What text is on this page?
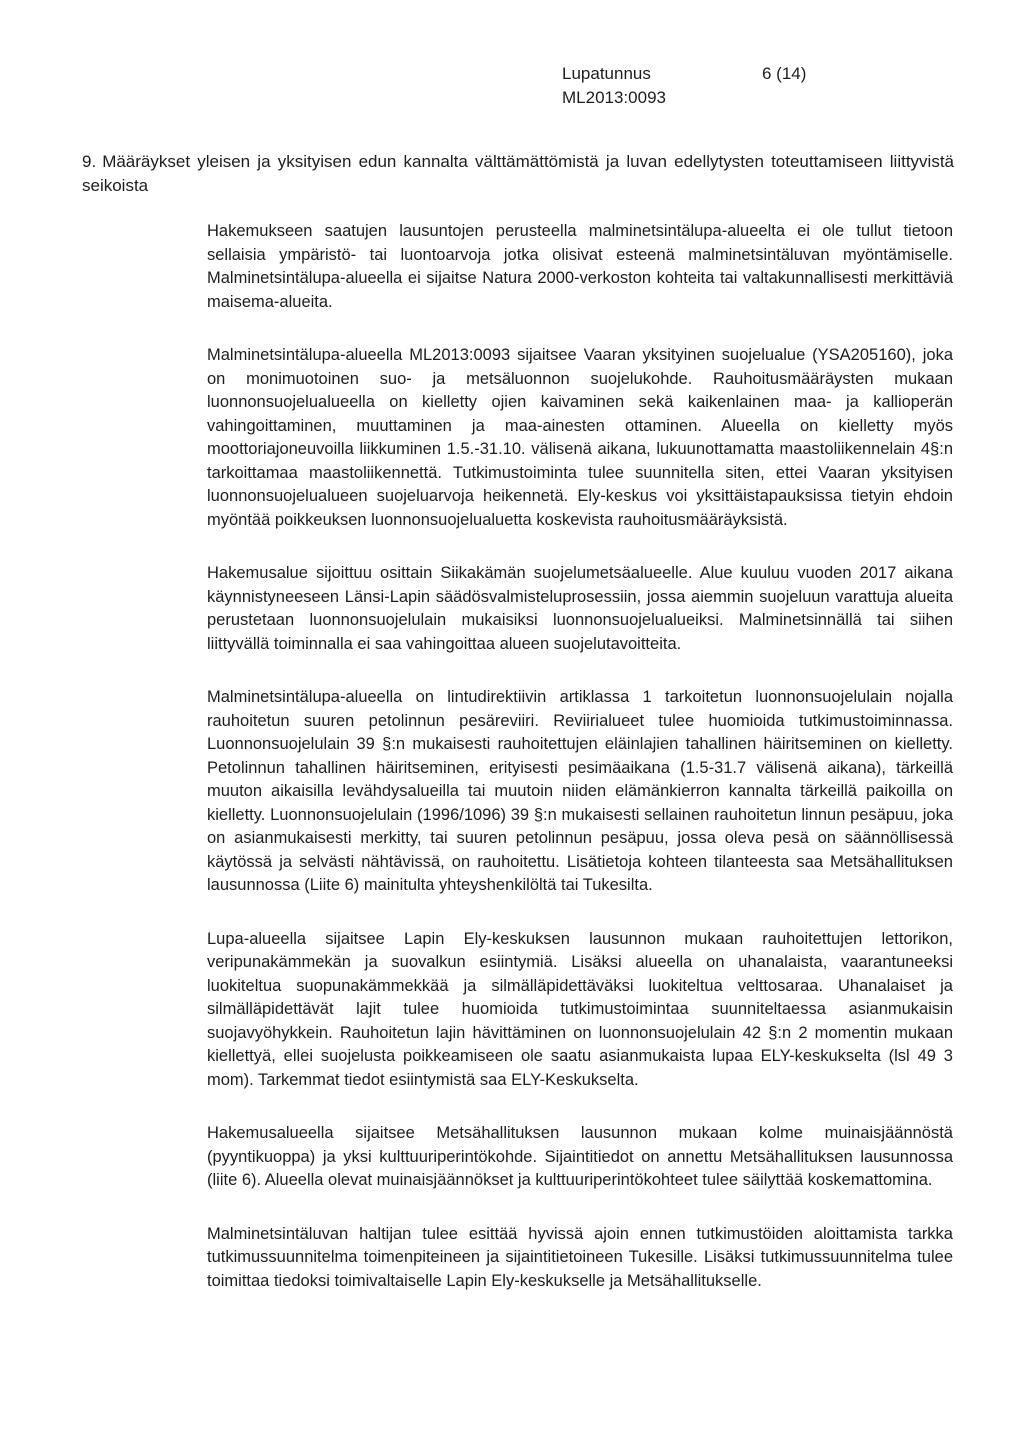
Lupatunnus	6 (14)
ML2013:0093
9. Määräykset yleisen ja yksityisen edun kannalta välttämättömistä ja luvan edellytysten toteuttamiseen liittyvistä seikoista

Hakemukseen saatujen lausuntojen perusteella malminetsintälupa-alueelta ei ole tullut tietoon sellaisia ympäristö- tai luontoarvoja jotka olisivat esteenä malminetsintäluvan myöntämiselle. Malminetsintälupa-alueella ei sijaitse Natura 2000-verkoston kohteita tai valtakunnallisesti merkittäviä maisema-alueita.

Malminetsintälupa-alueella ML2013:0093 sijaitsee Vaaran yksityinen suojelualue (YSA205160), joka on monimuotoinen suo- ja metsäluonnon suojelukohde. Rauhoitusmääräysten mukaan luonnonsuojelualueella on kielletty ojien kaivaminen sekä kaikenlainen maa- ja kallioperän vahingoittaminen, muuttaminen ja maa-ainesten ottaminen. Alueella on kielletty myös moottoriajoneuvoilla liikkuminen 1.5.-31.10. välisenä aikana, lukuunottamatta maastoliikennelain 4§:n tarkoittamaa maastoliikennettä. Tutkimustoiminta tulee suunnitella siten, ettei Vaaran yksityisen luonnonsuojelualueen suojeluarvoja heikennetä. Ely-keskus voi yksittäistapauksissa tietyin ehdoin myöntää poikkeuksen luonnonsuojelualuetta koskevista rauhoitusmääräyksistä.

Hakemusalue sijoittuu osittain Siikakämän suojelumetsäalueelle. Alue kuuluu vuoden 2017 aikana käynnistyneeseen Länsi-Lapin säädösvalmisteluprosessiin, jossa aiemmin suojeluun varattuja alueita perustetaan luonnonsuojelulain mukaisiksi luonnonsuojelualueiksi. Malminetsinnällä tai siihen liittyvällä toiminnalla ei saa vahingoittaa alueen suojelutavoitteita.

Malminetsintälupa-alueella on lintudirektiivin artiklassa 1 tarkoitetun luonnonsuojelulain nojalla rauhoitetun suuren petolinnun pesäreviiri. Reviirialueet tulee huomioida tutkimustoiminnassa. Luonnonsuojelulain 39 §:n mukaisesti rauhoitettujen eläinlajien tahallinen häiritseminen on kielletty. Petolinnun tahallinen häiritseminen, erityisesti pesimäaikana (1.5-31.7 välisenä aikana), tärkeillä muuton aikaisilla levähdysalueilla tai muutoin niiden elämänkierron kannalta tärkeillä paikoilla on kielletty. Luonnonsuojelulain (1996/1096) 39 §:n mukaisesti sellainen rauhoitetun linnun pesäpuu, joka on asianmukaisesti merkitty, tai suuren petolinnun pesäpuu, jossa oleva pesä on säännöllisessä käytössä ja selvästi nähtävissä, on rauhoitettu. Lisätietoja kohteen tilanteesta saa Metsähallituksen lausunnossa (Liite 6) mainitulta yhteyshenkilöltä tai Tukesilta.

Lupa-alueella sijaitsee Lapin Ely-keskuksen lausunnon mukaan rauhoitettujen lettorikon, veripunakämmekän ja suovalkun esiintymiä. Lisäksi alueella on uhanalaista, vaarantuneeksi luokiteltua suopunakämmekkää ja silmälläpidettäväksi luokiteltua velttosaraa. Uhanalaiset ja silmälläpidettävät lajit tulee huomioida tutkimustoimintaa suunniteltaessa asianmukaisin suojavyöhykkein. Rauhoitetun lajin hävittäminen on luonnonsuojelulain 42 §:n 2 momentin mukaan kiellettyä, ellei suojelusta poikkeamiseen ole saatu asianmukaista lupaa ELY-keskukselta (lsl 49 3 mom). Tarkemmat tiedot esiintymistä saa ELY-Keskukselta.

Hakemusalueella sijaitsee Metsähallituksen lausunnon mukaan kolme muinaisjäännöstä (pyyntikuoppa) ja yksi kulttuuriperintökohde. Sijaintitiedot on annettu Metsähallituksen lausunnossa (liite 6). Alueella olevat muinaisjäännökset ja kulttuuriperintökohteet tulee säilyttää koskemattomina.

Malminetsintäluvan haltijan tulee esittää hyvissä ajoin ennen tutkimustöiden aloittamista tarkka tutkimussuunnitelma toimenpiteineen ja sijaintitietoineen Tukesille. Lisäksi tutkimussuunnitelma tulee toimittaa tiedoksi toimivaltaiselle Lapin Ely-keskukselle ja Metsähallitukselle.
